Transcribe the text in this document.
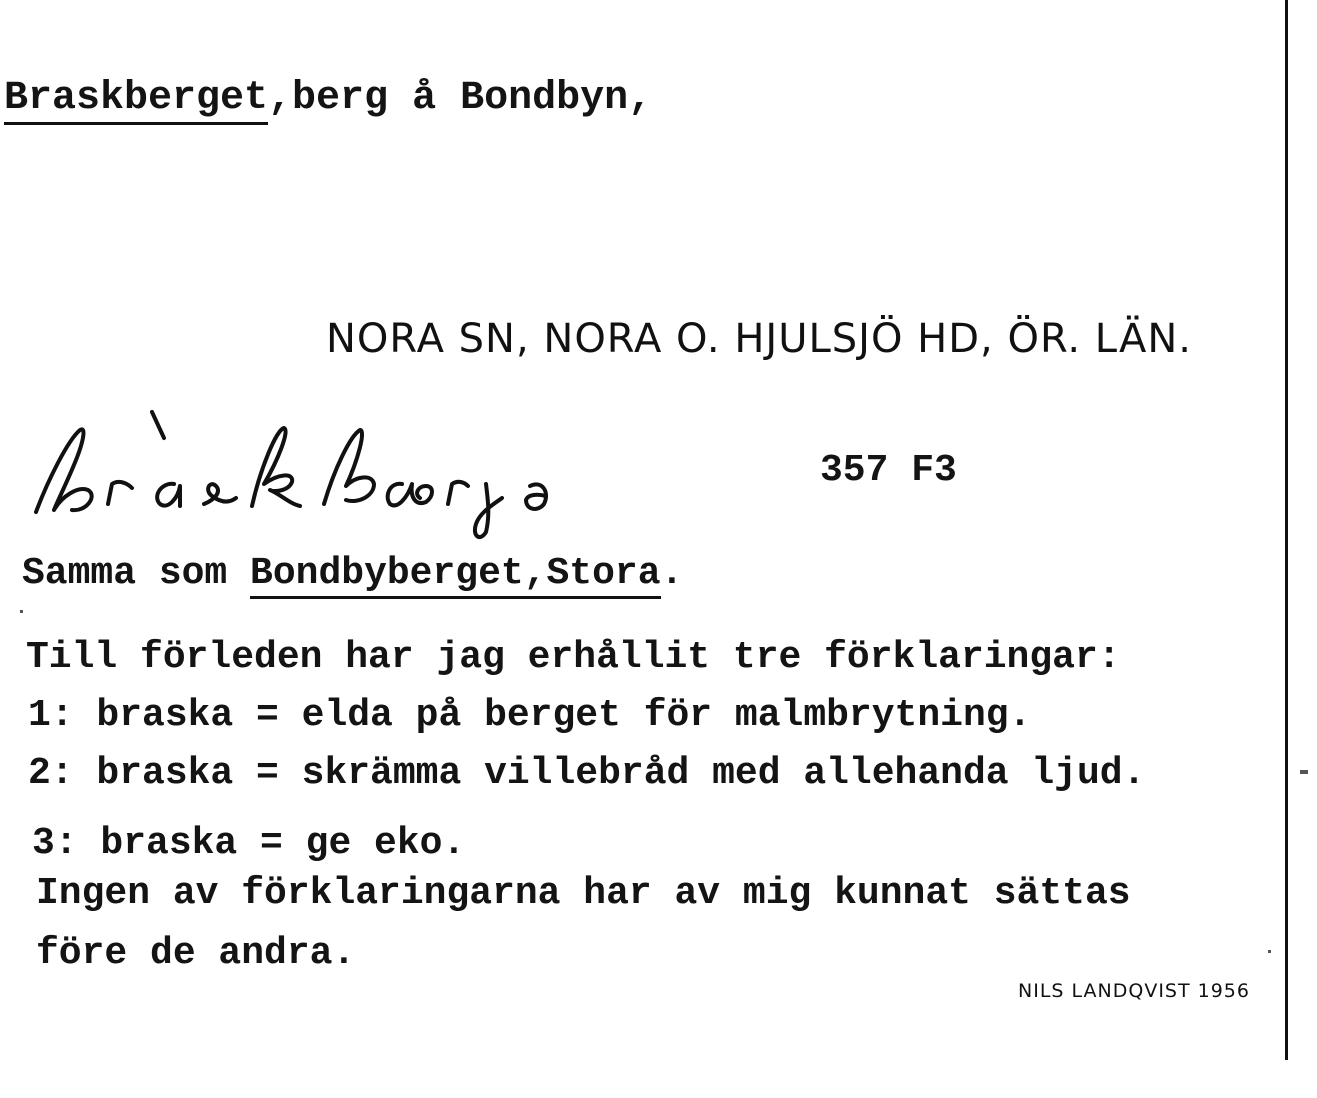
Braskberget,berg å Bondbyn,
NORA SN, NORA O. HJULSJÖ HD, ÖR. LÄN.
357 F3
Samma som Bondbyberget,Stora.
Till förleden har jag erhållit tre förklaringar:
1: braska = elda på berget för malmbrytning.
2: braska = skrämma villebråd med allehanda ljud.
3: braska = ge eko.
Ingen av förklaringarna har av mig kunnat sättas
före de andra.
NILS LANDQVIST 1956
